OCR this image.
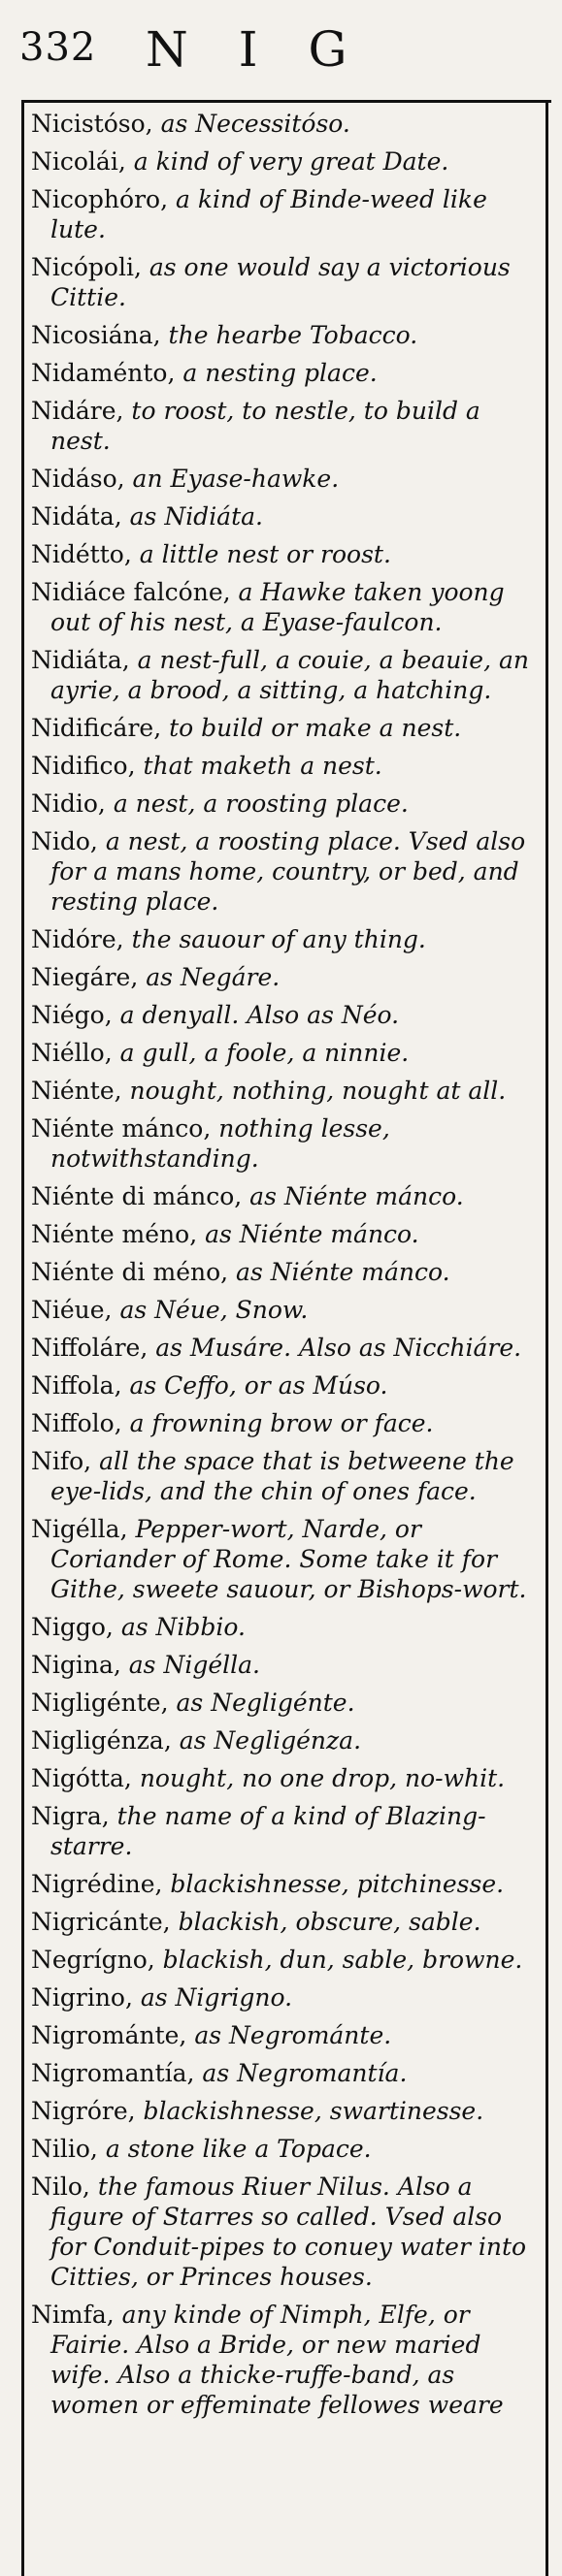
332 NIG
Nicistóso, as Necessitóso.
Nicolái, a kind of very great Date.
Nicophóro, a kind of Binde-weed like lute.
Nicópoli, as one would say a victorious Cittie.
Nicosiána, the hearbe Tobacco.
Nidaménto, a nesting place.
Nidáre, to roost, to nestle, to build a nest.
Nidáso, an Eyase-hawke.
Nidáta, as Nidiáta.
Nidétto, a little nest or roost.
Nidiáce falcóne, a Hawke taken yoong out of his nest, a Eyase-faulcon.
Nidiáta, a nest-full, a couie, a beauie, an ayrie, a brood, a sitting, a hatching.
Nidificáre, to build or make a nest.
Nidifico, that maketh a nest.
Nidio, a nest, a roosting place.
Nido, a nest, a roosting place. Vsed also for a mans home, country, or bed, and resting place.
Nidóre, the sauour of any thing.
Niegáre, as Negáre.
Niégo, a denyall. Also as Néo.
Niéllo, a gull, a foole, a ninnie.
Niénte, nought, nothing, nought at all.
Niénte mánco, nothing lesse, notwithstanding.
Niénte di mánco, as Niénte mánco.
Niénte méno, as Niénte mánco.
Niénte di méno, as Niénte mánco.
Niéue, as Néue, Snow.
Niffoláre, as Musáre. Also as Nicchiáre.
Niffola, as Ceffo, or as Múso.
Niffolo, a frowning brow or face.
Nifo, all the space that is betweene the eye-lids, and the chin of ones face.
Nigélla, Pepper-wort, Narde, or Coriander of Rome. Some take it for Githe, sweete sauour, or Bishops-wort.
Niggo, as Nibbio.
Nigina, as Nigélla.
Nigligénte, as Negligénte.
Nigligénza, as Negligénza.
Nigótta, nought, no one drop, no-whit.
Nigra, the name of a kind of Blazing-starre.
Nigrédine, blackishnesse, pitchinesse.
Nigricánte, blackish, obscure, sable.
Negrígno, blackish, dun, sable, browne.
Nigrino, as Nigrigno.
Nigrománte, as Negrománte.
Nigromantía, as Negromantía.
Nigróre, blackishnesse, swartinesse.
Nilio, a stone like a Topace.
Nilo, the famous Riuer Nilus. Also a figure of Starres so called. Vsed also for Conduit-pipes to conuey water into Citties, or Princes houses.
Nimfa, any kinde of Nimph, Elfe, or Fairie. Also a Bride, or new maried wife. Also a thicke-ruffe-band, as women or effeminate fellowes weare
